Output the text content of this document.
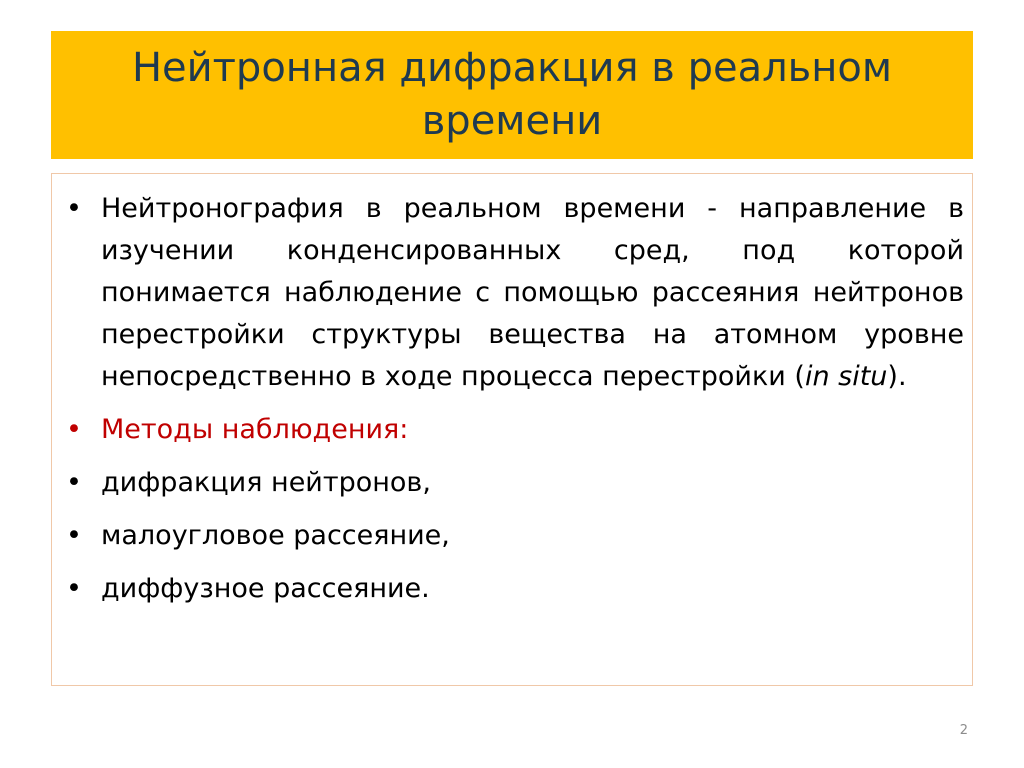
Нейтронная дифракция в реальном времени
• Нейтронография в реальном времени - направление в изучении конденсированных сред, под которой понимается наблюдение с помощью рассеяния нейтронов перестройки структуры вещества на атомном уровне непосредственно в ходе процесса перестройки (in situ).
• Методы наблюдения:
• дифракция нейтронов,
• малоугловое рассеяние,
• диффузное рассеяние.
2
